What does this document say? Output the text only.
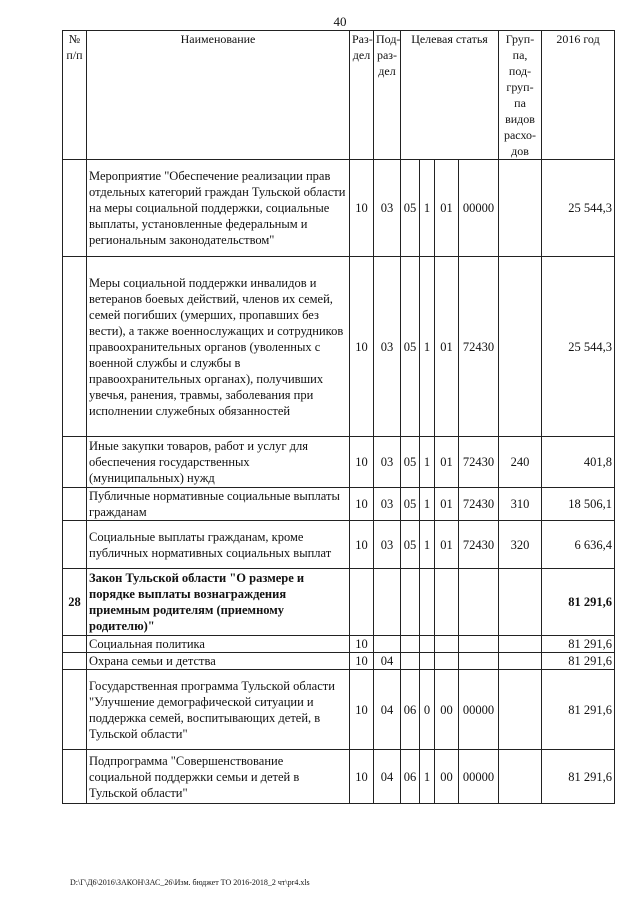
40
№ п/п	Наименование	Раз-дел	Под-раз-дел	Целевая статья				Груп-па, под-груп-па видов расхо-дов	2016 год
	Мероприятие "Обеспечение реализации прав отдельных категорий граждан Тульской области на меры социальной поддержки, социальные выплаты, установленные федеральным и региональным законодательством"	10	03	05	1	01	00000		25 544,3
	Меры социальной поддержки инвалидов и ветеранов боевых действий, членов их семей, семей погибших (умерших, пропавших без вести), а также военнослужащих и сотрудников правоохранительных органов (уволенных с военной службы и службы в правоохранительных органах), получивших увечья, ранения, травмы, заболевания при исполнении служебных обязанностей	10	03	05	1	01	72430		25 544,3
	Иные закупки товаров, работ и услуг для обеспечения государственных (муниципальных) нужд	10	03	05	1	01	72430	240	401,8
	Публичные нормативные социальные выплаты гражданам	10	03	05	1	01	72430	310	18 506,1
	Социальные выплаты гражданам, кроме публичных нормативных социальных выплат	10	03	05	1	01	72430	320	6 636,4
28	Закон Тульской области "О размере и порядке выплаты вознаграждения приемным родителям (приемному родителю)"								81 291,6
	Социальная политика	10							81 291,6
	Охрана семьи и детства	10	04						81 291,6
	Государственная программа Тульской области "Улучшение демографической ситуации и поддержка семей, воспитывающих детей, в Тульской области"	10	04	06	0	00	00000		81 291,6
	Подпрограмма "Совершенствование социальной поддержки семьи и детей в Тульской области"	10	04	06	1	00	00000		81 291,6
D:\Г\Д6\2016\ЗАКОН\ЗАС_26\Изм. бюджет ТО 2016-2018_2 чт\pr4.xls
